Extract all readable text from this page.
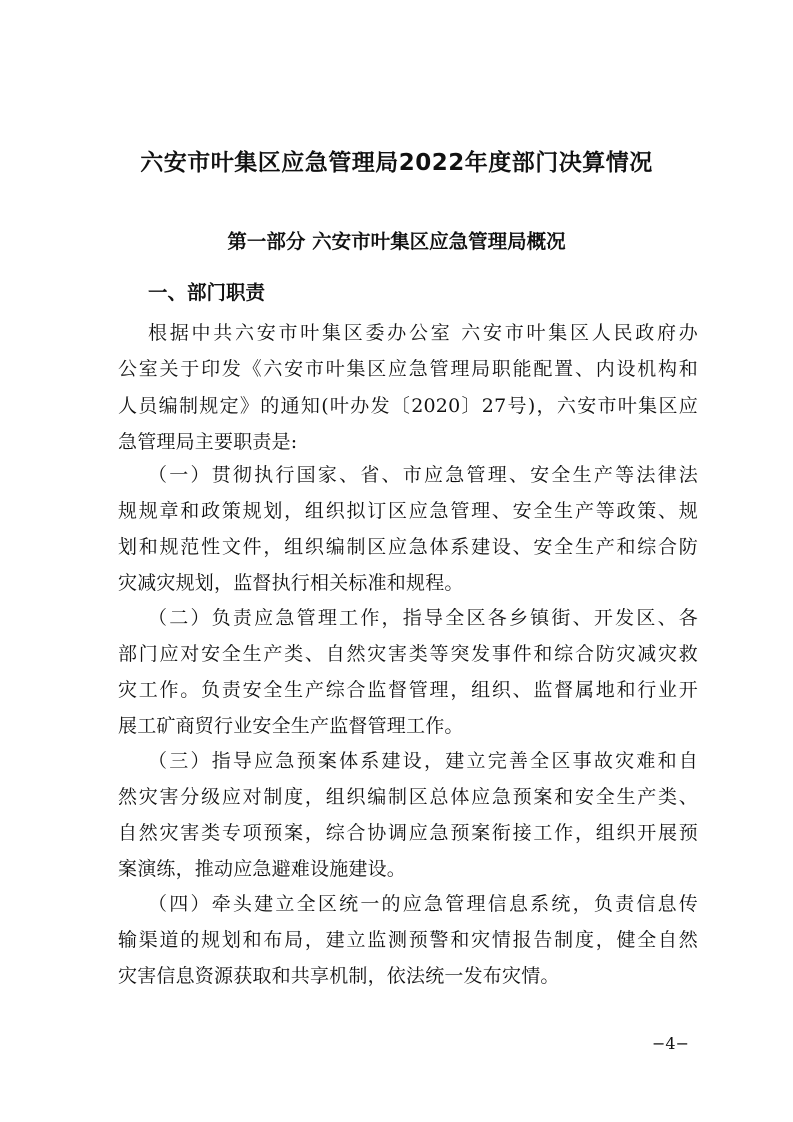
六安市叶集区应急管理局2022年度部门决算情况
第一部分 六安市叶集区应急管理局概况
一、部门职责
根据中共六安市叶集区委办公室 六安市叶集区人民政府办
公室关于印发《六安市叶集区应急管理局职能配置、内设机构和
人员编制规定》的通知(叶办发〔2020〕27号)，六安市叶集区应
急管理局主要职责是:
（一）贯彻执行国家、省、市应急管理、安全生产等法律法
规规章和政策规划，组织拟订区应急管理、安全生产等政策、规
划和规范性文件，组织编制区应急体系建设、安全生产和综合防
灾减灾规划，监督执行相关标准和规程。
（二）负责应急管理工作，指导全区各乡镇街、开发区、各
部门应对安全生产类、自然灾害类等突发事件和综合防灾减灾救
灾工作。负责安全生产综合监督管理，组织、监督属地和行业开
展工矿商贸行业安全生产监督管理工作。
（三）指导应急预案体系建设，建立完善全区事故灾难和自
然灾害分级应对制度，组织编制区总体应急预案和安全生产类、
自然灾害类专项预案，综合协调应急预案衔接工作，组织开展预
案演练，推动应急避难设施建设。
（四）牵头建立全区统一的应急管理信息系统，负责信息传
输渠道的规划和布局，建立监测预警和灾情报告制度，健全自然
灾害信息资源获取和共享机制，依法统一发布灾情。
−4−
